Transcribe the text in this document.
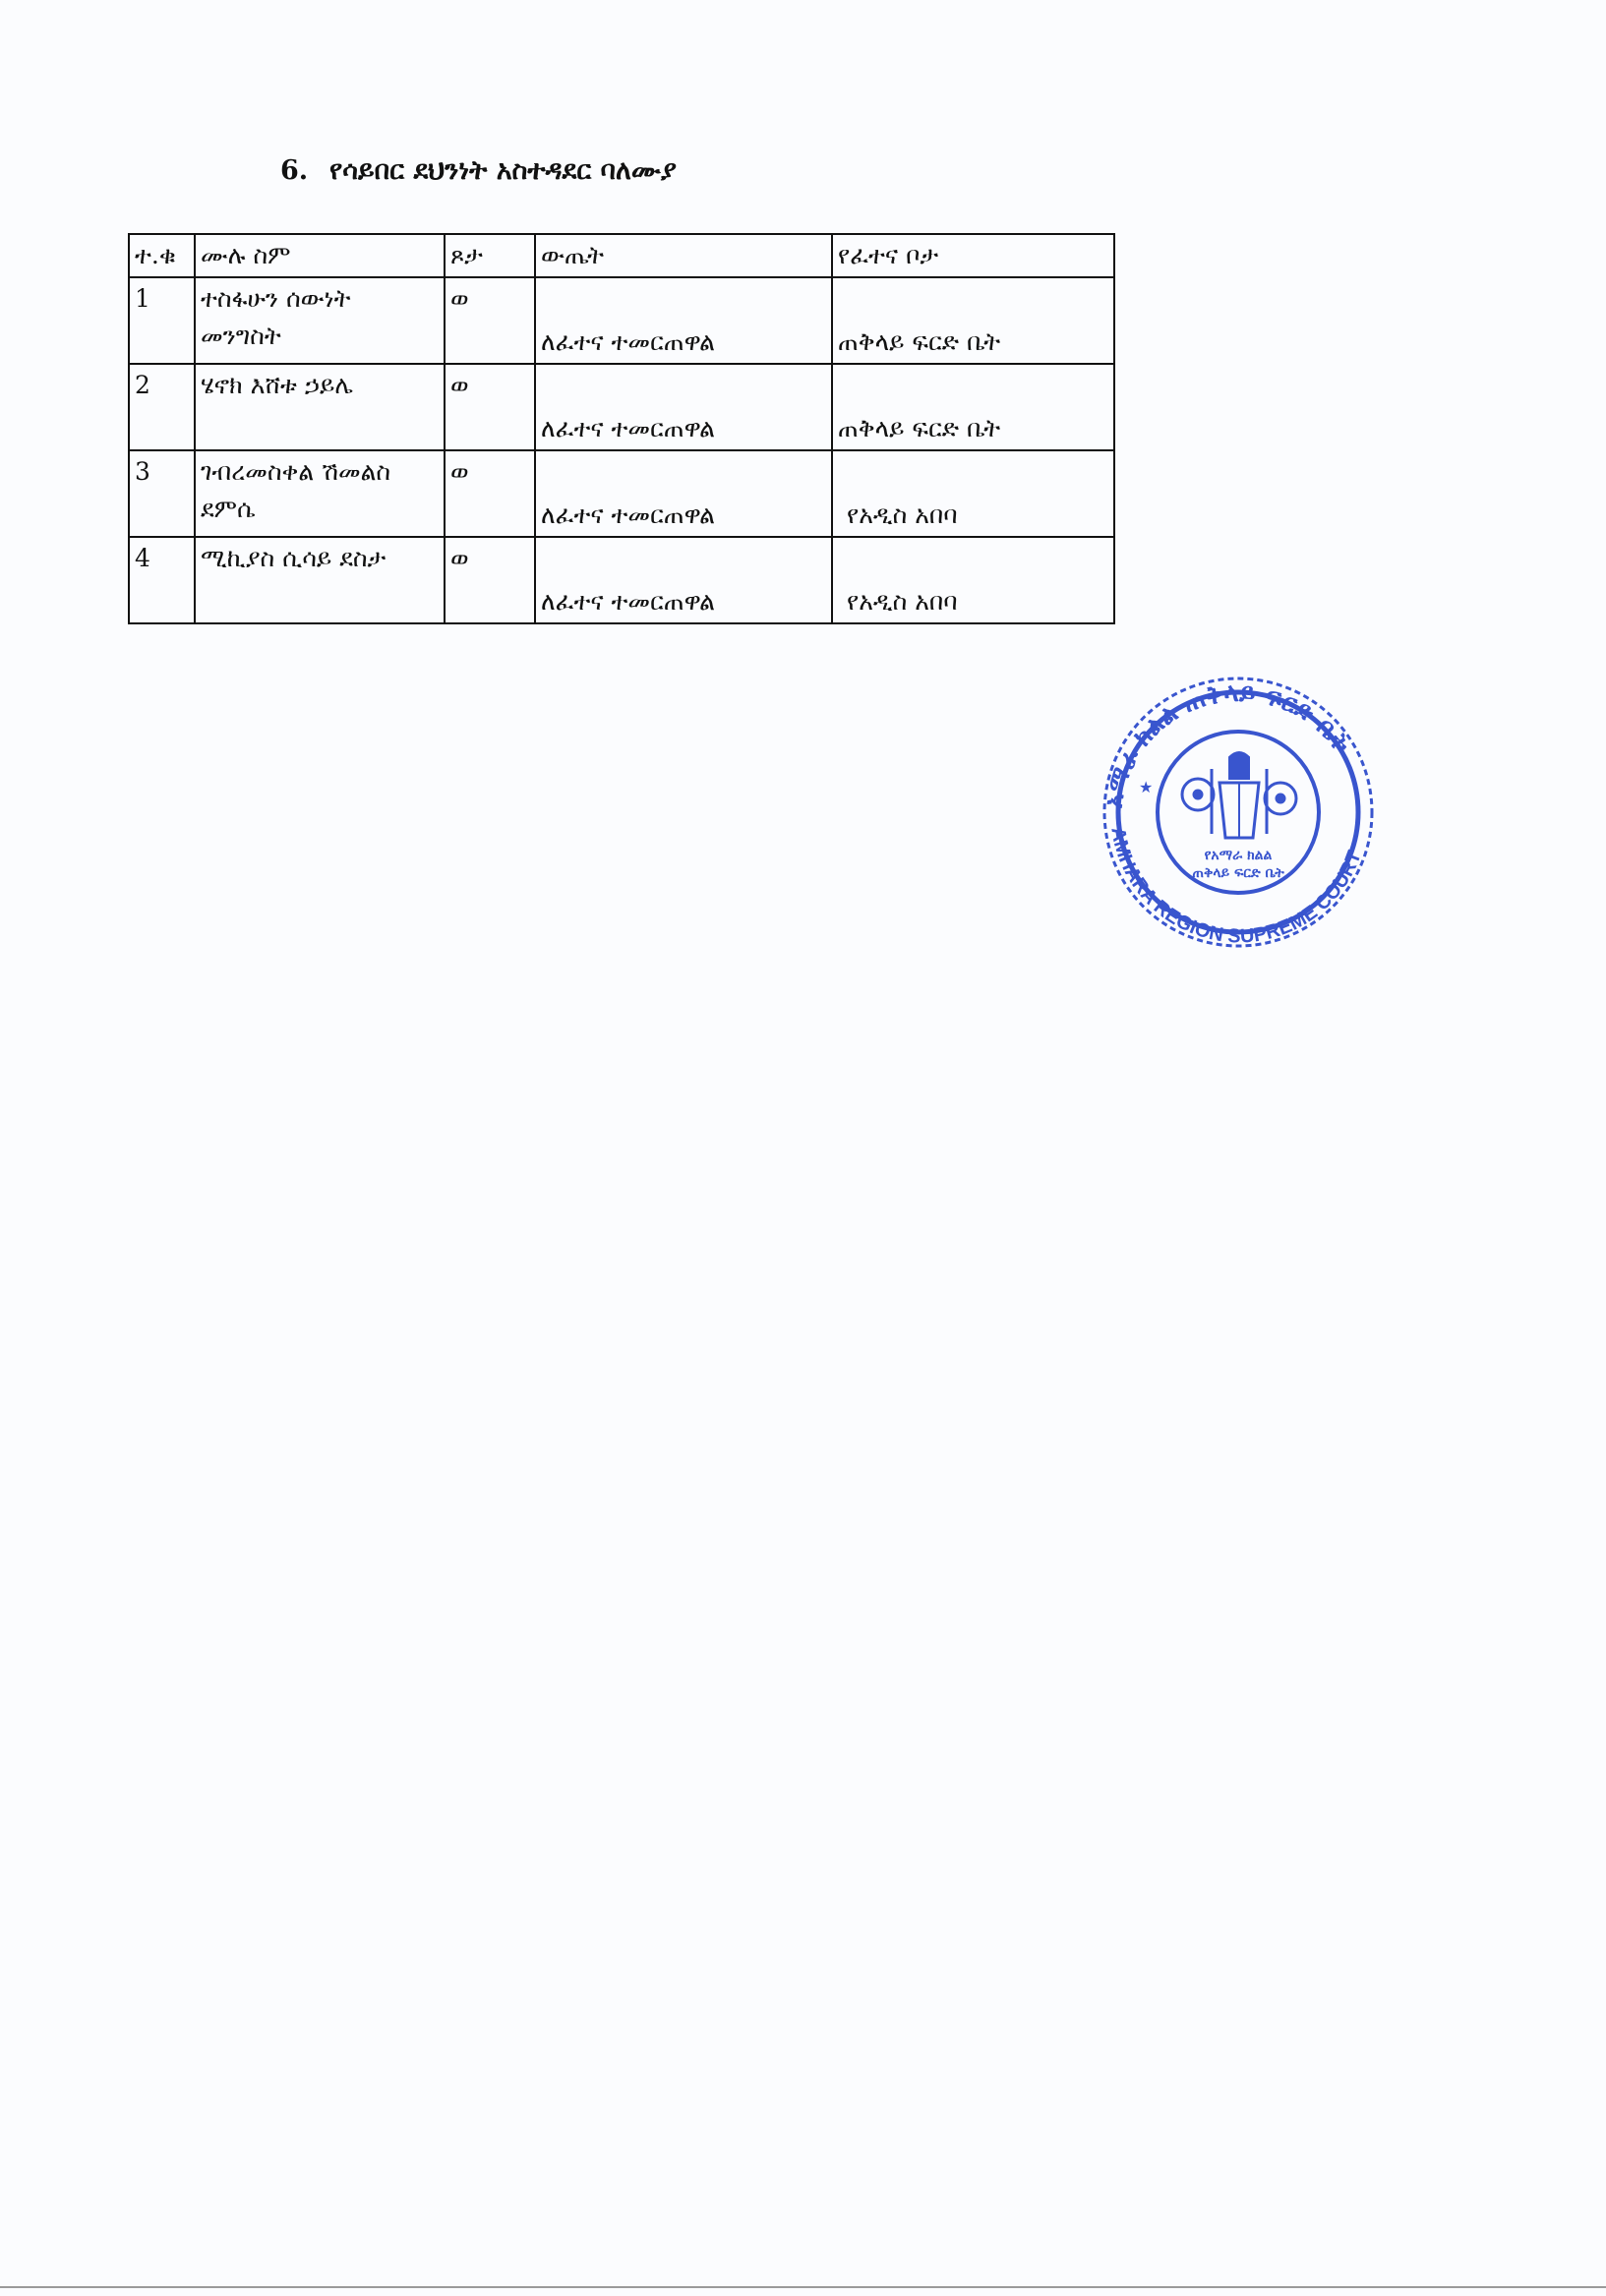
6. የሳይበር ደህንነት አስተዳደር ባለሙያ
ተ.ቁ	ሙሉ ስም	ጾታ	ውጤት	የፈተና ቦታ
1	ተስፋሁን ሰውነት መንግስት	ወ	ለፈተና ተመርጠዋል	ጠቅላይ ፍርድ ቤት
2	ሄኖክ እሸቱ ኃይሌ	ወ	ለፈተና ተመርጠዋል	ጠቅላይ ፍርድ ቤት
3	ገብረመስቀል ሽመልስ ደምሴ	ወ	ለፈተና ተመርጠዋል	የአዲስ አበባ
4	ሚኪያስ ሲሳይ ደስታ	ወ	ለፈተና ተመርጠዋል	የአዲስ አበባ
አማራ ክልል ጠቅላይ ፍርድ ቤት
AMHARA REGION SUPREME COURT
የአማራ ክልል
ጠቅላይ ፍርድ ቤት
★
